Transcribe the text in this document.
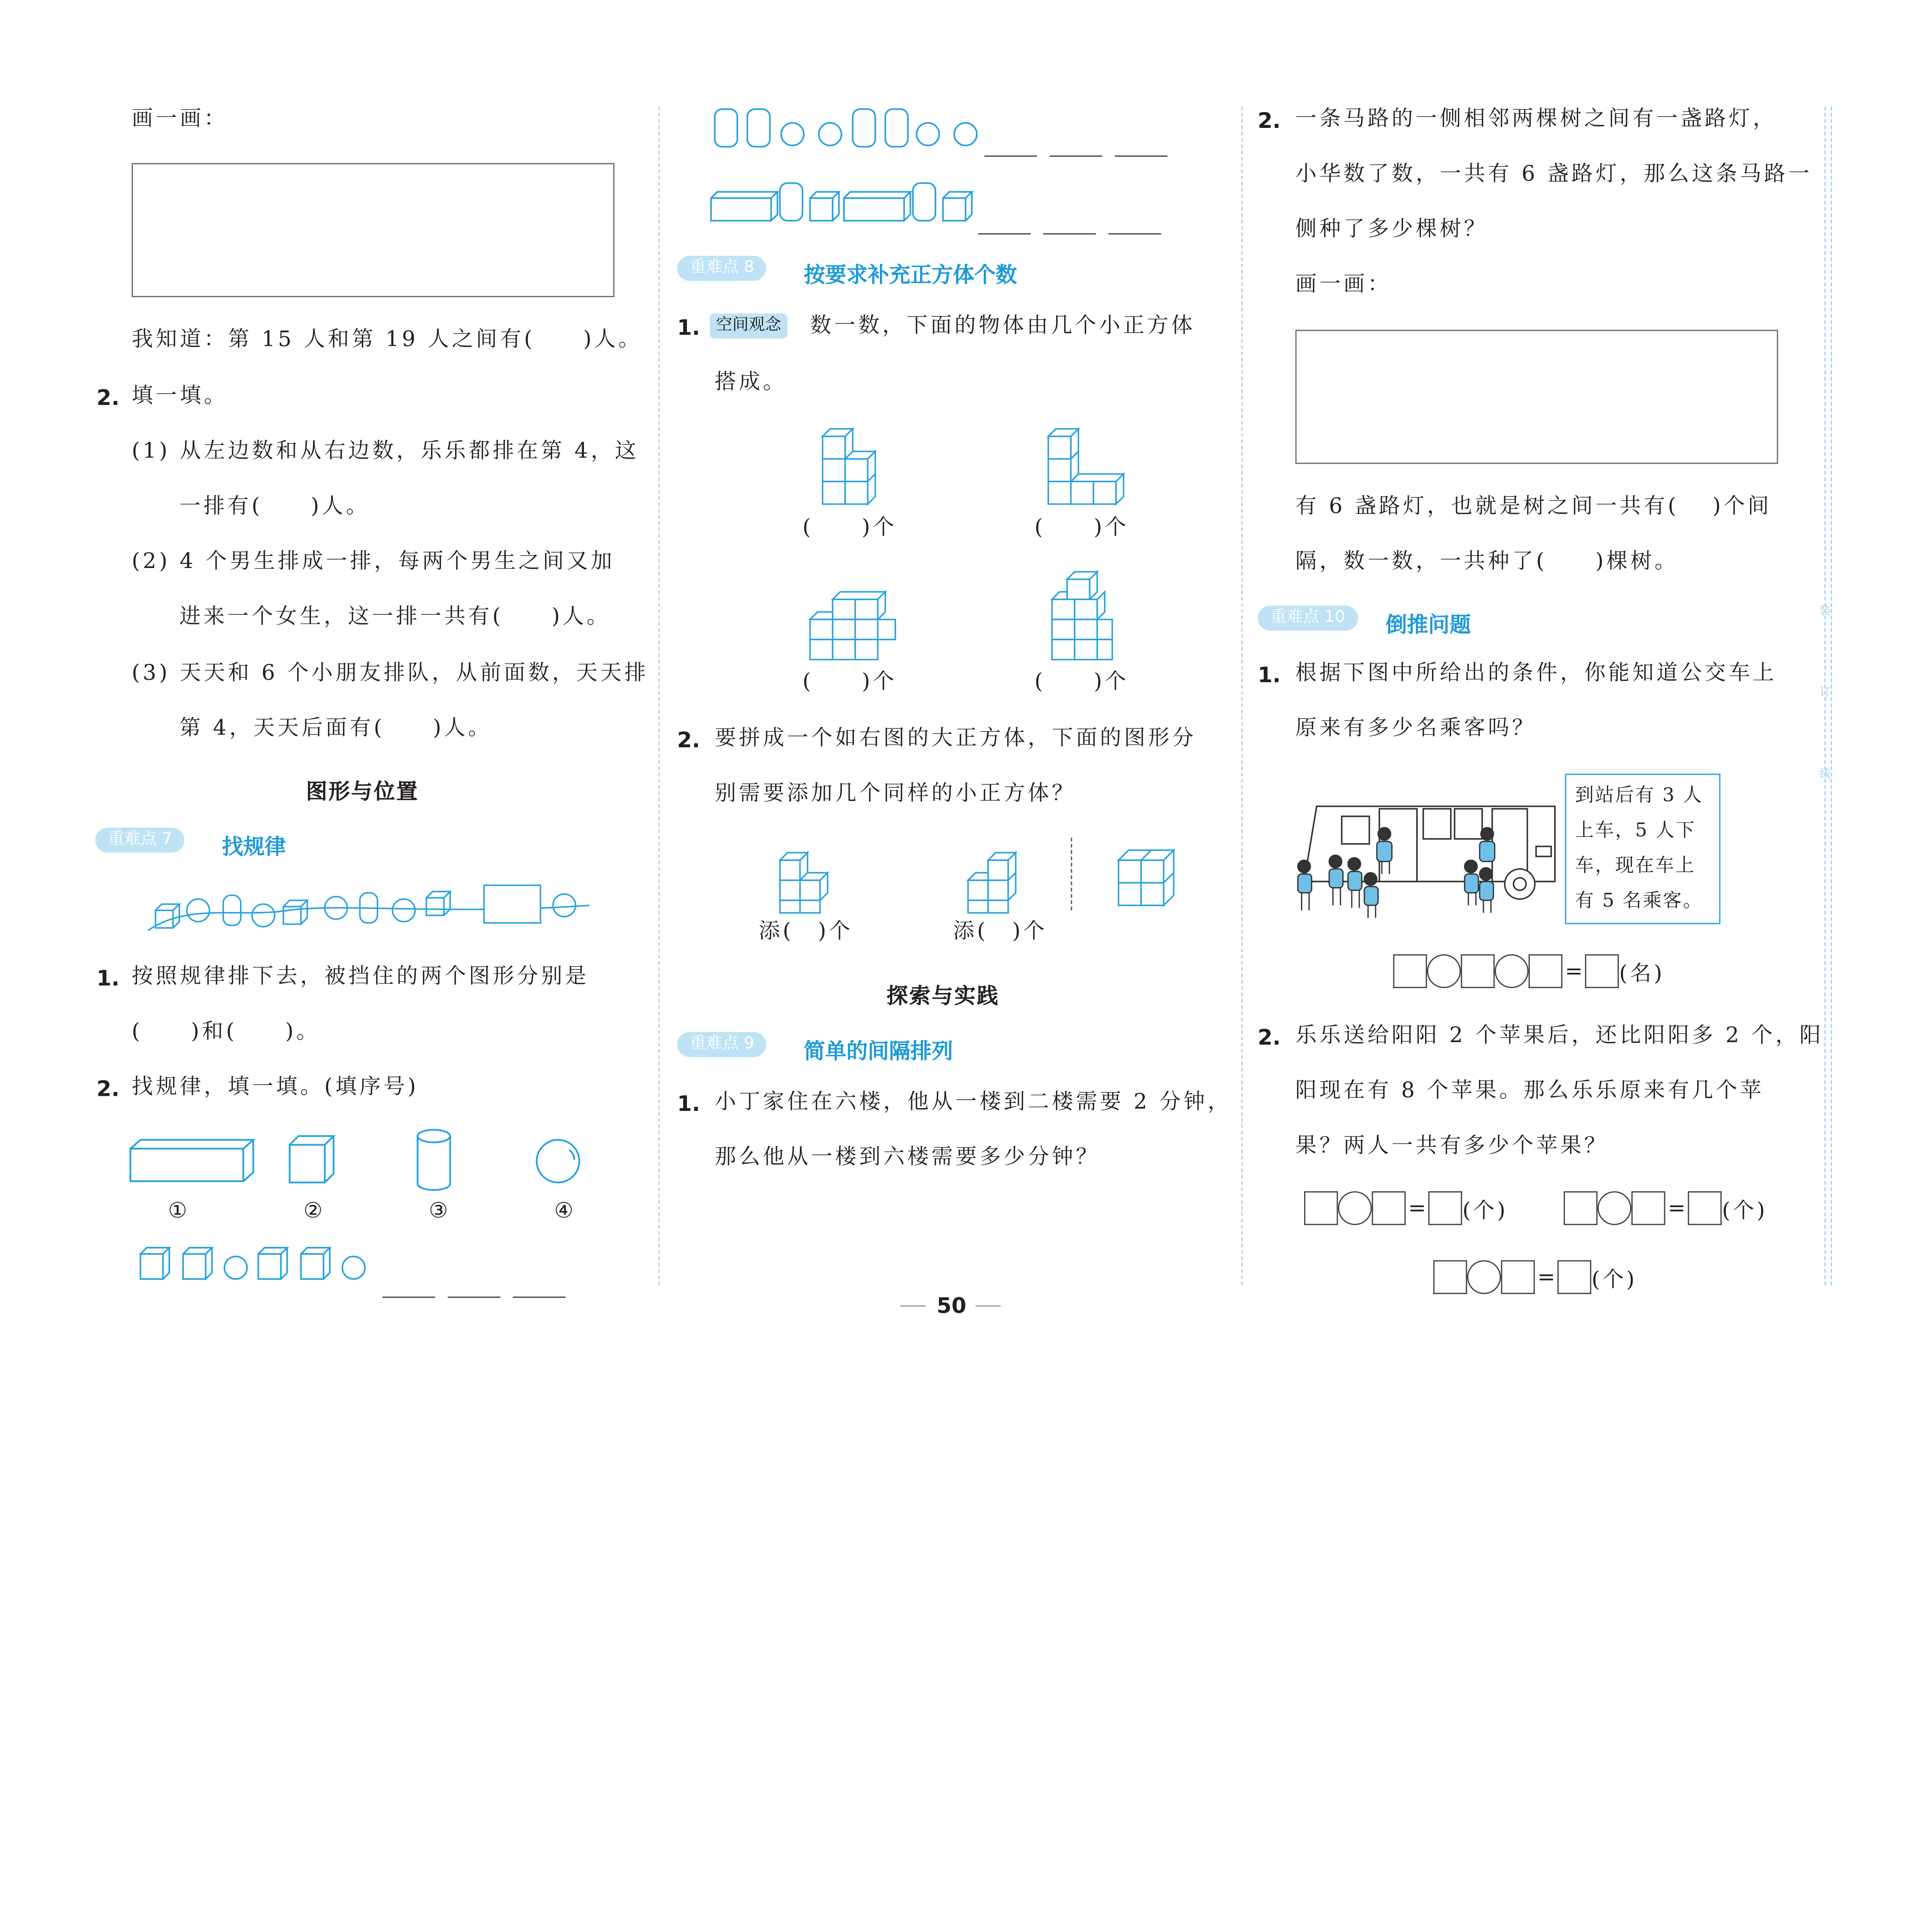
装
订
线
画一画：
我知道：第 15 人和第 19 人之间有(　　)人。
2. 填一填。
(1) 从左边数和从右边数，乐乐都排在第 4，这
一排有(　　)人。
(2) 4 个男生排成一排，每两个男生之间又加
进来一个女生，这一排一共有(　　)人。
(3) 天天和 6 个小朋友排队，从前面数，天天排
第 4，天天后面有(　　)人。
图形与位置
重难点 7	找规律
1. 按照规律排下去，被挡住的两个图形分别是
(　　)和(　　)。
2. 找规律，填一填。(填序号)
①	②	③	④
重难点 8	按要求补充正方体个数
1.	空间观念	数一数，下面的物体由几个小正方体
搭成。
(　　)个	(　　)个
(　　)个	(　　)个
2. 要拼成一个如右图的大正方体，下面的图形分
别需要添加几个同样的小正方体？
添(　)个	添(　)个
探索与实践
重难点 9	简单的间隔排列
1. 小丁家住在六楼，他从一楼到二楼需要 2 分钟，
那么他从一楼到六楼需要多少分钟？
50
2. 一条马路的一侧相邻两棵树之间有一盏路灯，
小华数了数，一共有 6 盏路灯，那么这条马路一
侧种了多少棵树？
画一画：
有 6 盏路灯，也就是树之间一共有(　 )个间
隔，数一数，一共种了(　　)棵树。
重难点 10	倒推问题
1. 根据下图中所给出的条件，你能知道公交车上
原来有多少名乘客吗？
到站后有 3 人
上车，5 人下
车，现在车上
有 5 名乘客。
=	(名)
2. 乐乐送给阳阳 2 个苹果后，还比阳阳多 2 个，阳
阳现在有 8 个苹果。那么乐乐原来有几个苹
果？两人一共有多少个苹果？
=	(个)	=	(个)
=	(个)
